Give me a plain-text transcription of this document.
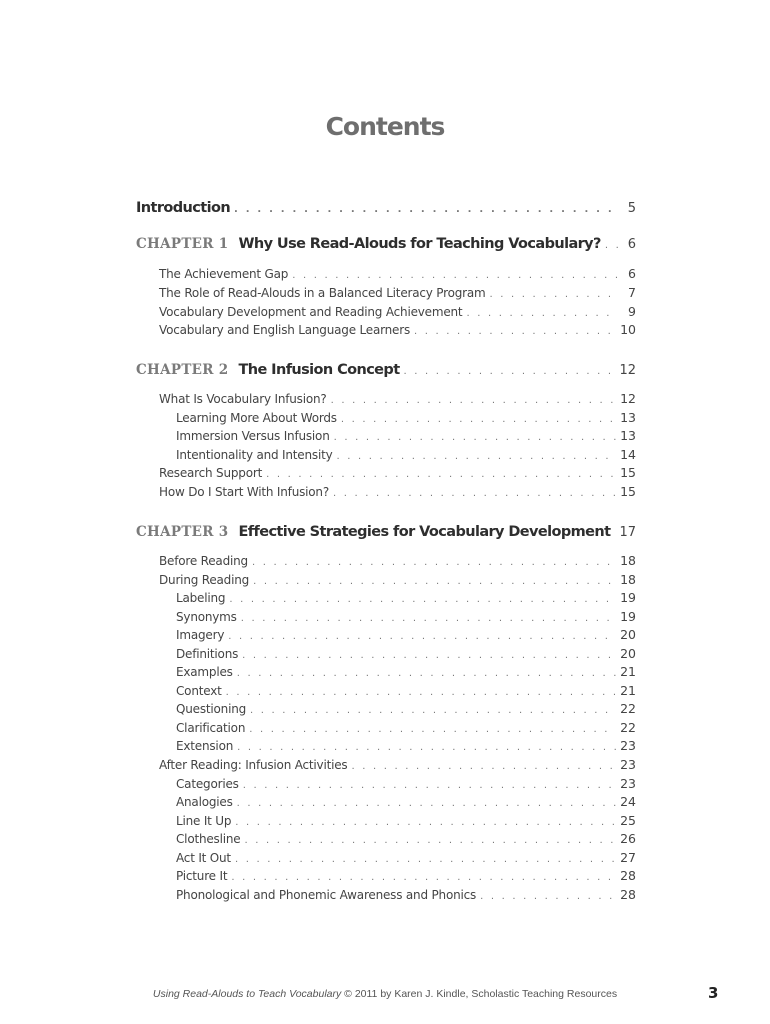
Contents
Introduction . . .	5
CHAPTER 1 Why Use Read-Alouds for Teaching Vocabulary? . . .	6
The Achievement Gap . . .	6
The Role of Read-Alouds in a Balanced Literacy Program . . .	7
Vocabulary Development and Reading Achievement . . .	9
Vocabulary and English Language Learners . . .	10
CHAPTER 2 The Infusion Concept . . .	12
What Is Vocabulary Infusion? . . .	12
Learning More About Words . . .	13
Immersion Versus Infusion . . .	13
Intentionality and Intensity . . .	14
Research Support . . .	15
How Do I Start With Infusion? . . .	15
CHAPTER 3 Effective Strategies for Vocabulary Development . . . 17
Before Reading . . .	18
During Reading . . .	18
Labeling . . .	19
Synonyms . . .	19
Imagery . . .	20
Definitions . . .	20
Examples . . .	21
Context . . .	21
Questioning . . .	22
Clarification . . .	22
Extension . . .	23
After Reading: Infusion Activities . . .	23
Categories . . .	23
Analogies . . .	24
Line It Up . . .	25
Clothesline . . .	26
Act It Out . . .	27
Picture It . . .	28
Phonological and Phonemic Awareness and Phonics . . .	28
Using Read-Alouds to Teach Vocabulary © 2011 by Karen J. Kindle, Scholastic Teaching Resources	3
